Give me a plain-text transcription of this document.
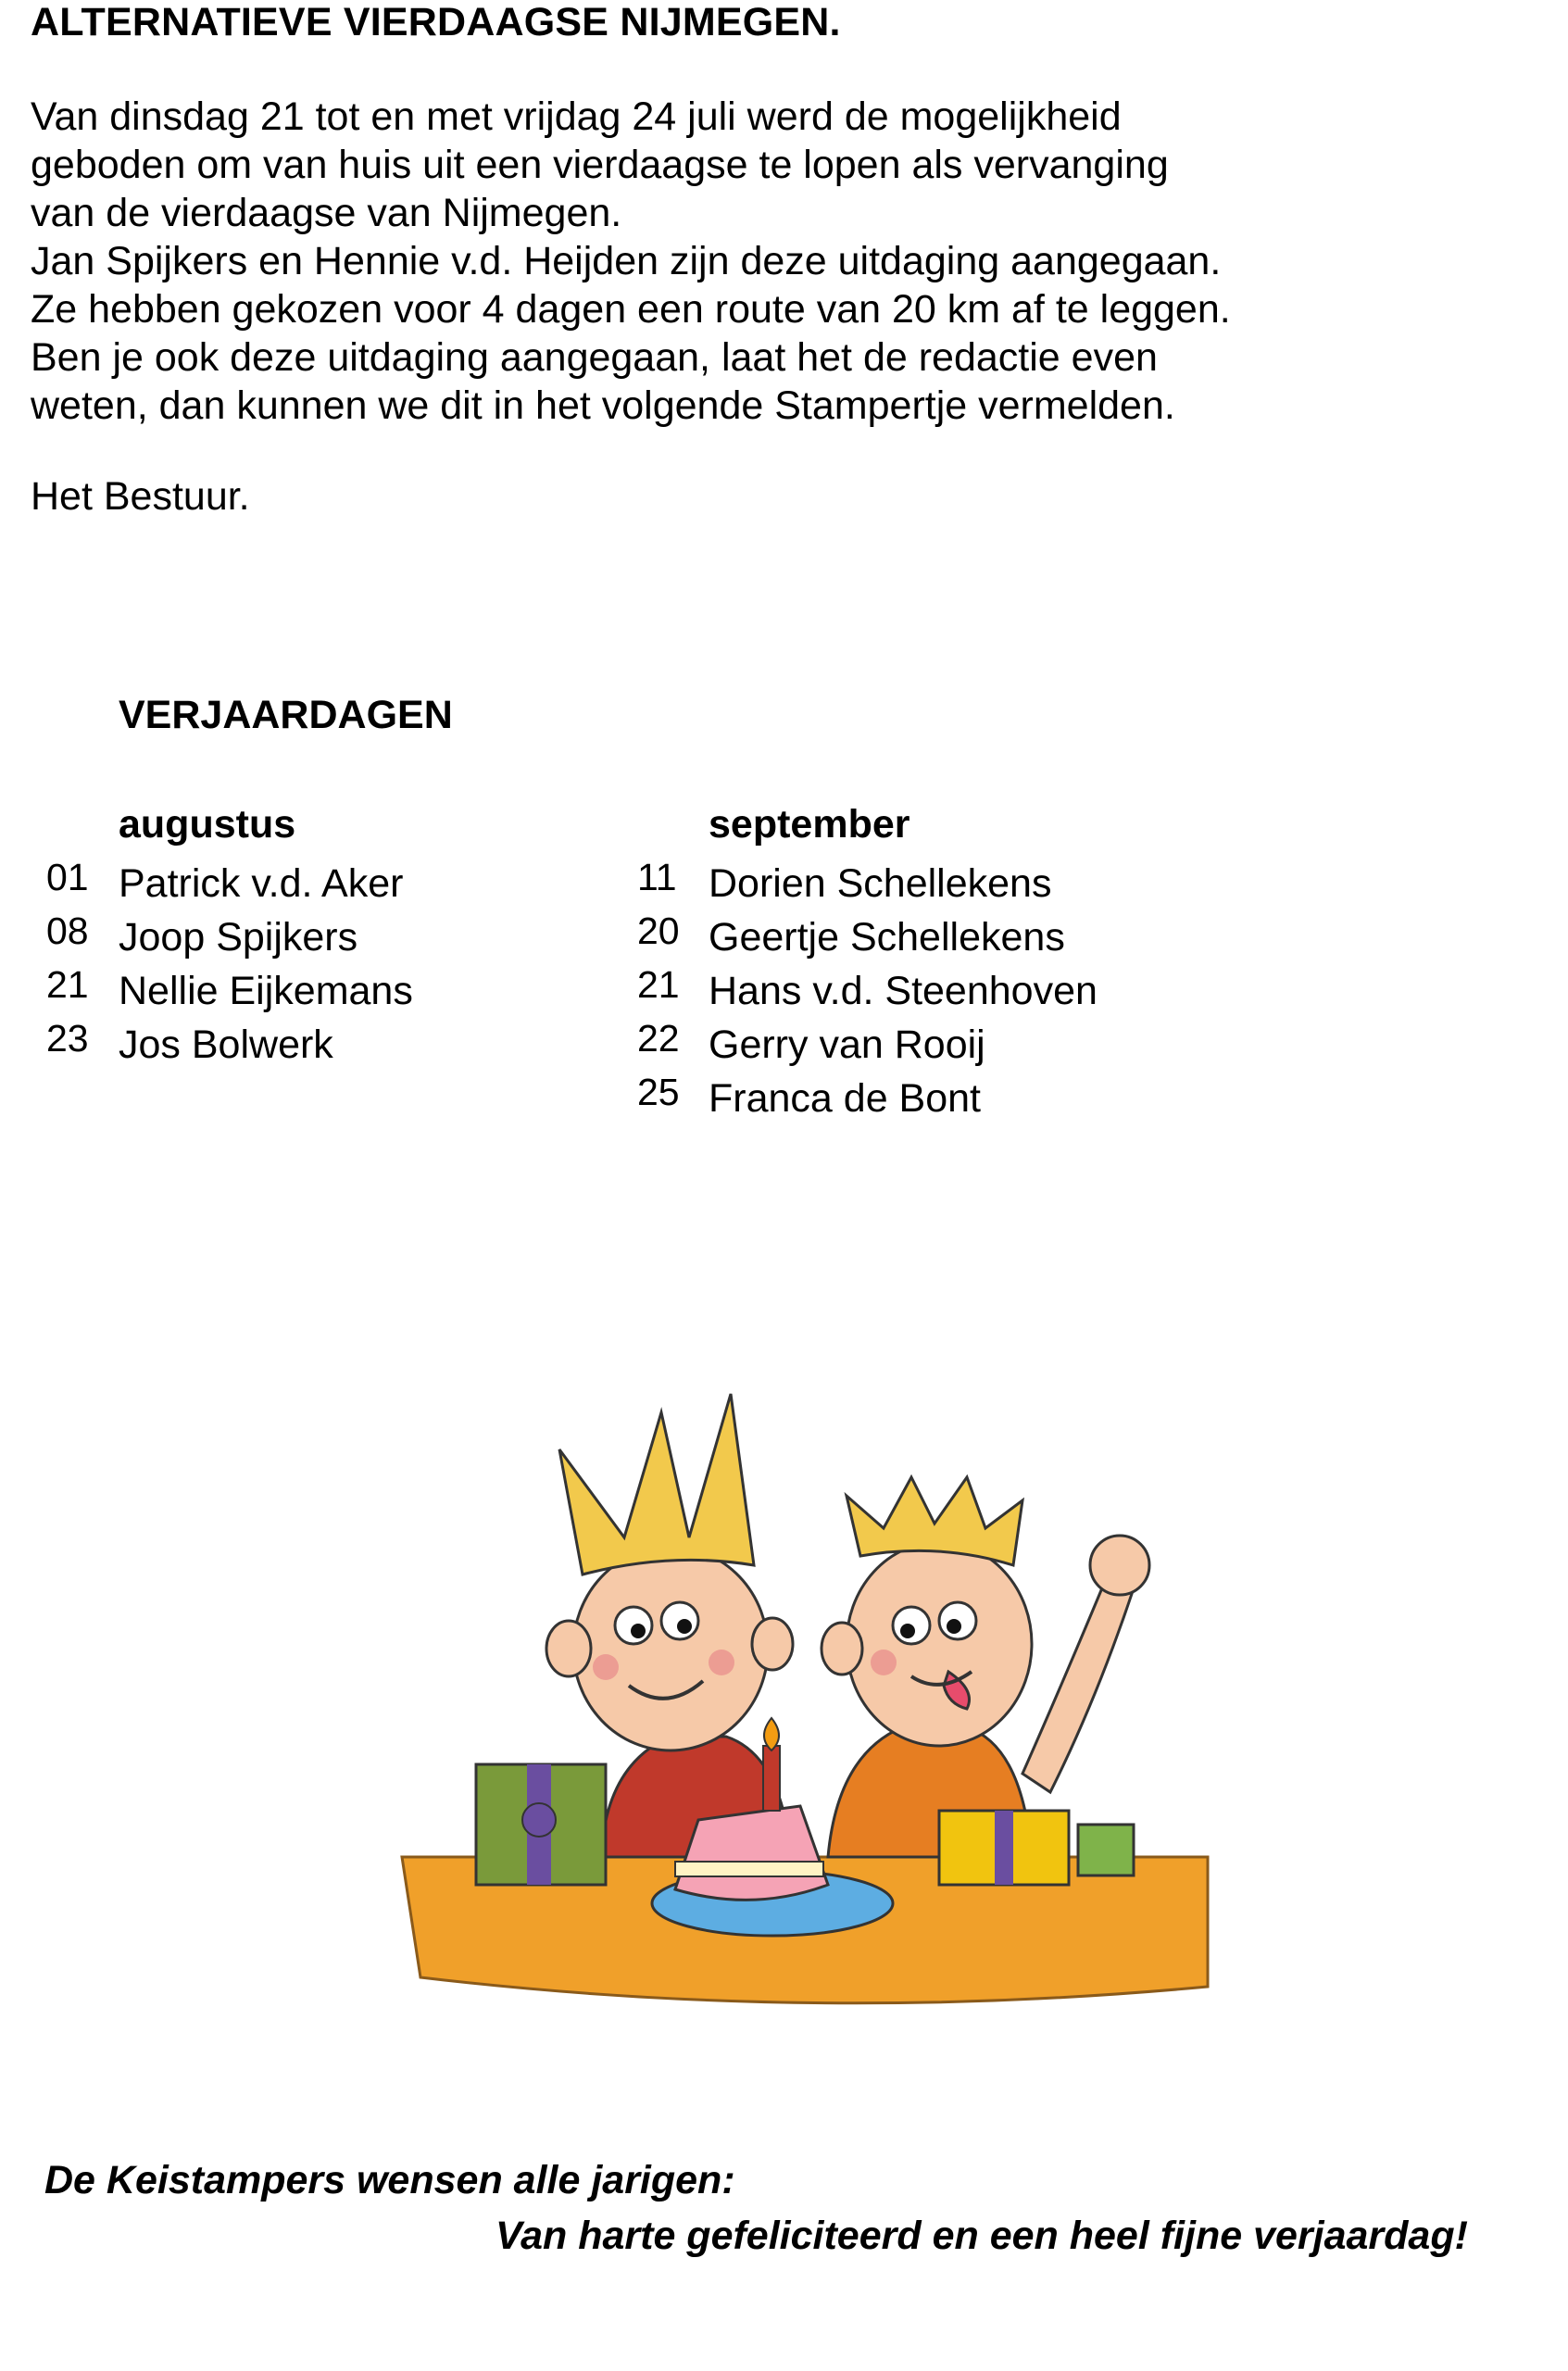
ALTERNATIEVE VIERDAAGSE NIJMEGEN.
Van dinsdag 21 tot en met vrijdag 24 juli werd de mogelijkheid
geboden om van huis uit een vierdaagse te lopen als vervanging
van de vierdaagse van Nijmegen.
Jan Spijkers en Hennie v.d. Heijden zijn deze uitdaging aangegaan.
Ze hebben gekozen voor 4 dagen een route van 20 km af te leggen.
Ben je ook deze uitdaging aangegaan, laat het de redactie even
weten, dan kunnen we dit in het volgende Stampertje vermelden.
Het Bestuur.
VERJAARDAGEN
augustus
01 Patrick v.d. Aker
08 Joop Spijkers
21 Nellie Eijkemans
23 Jos Bolwerk
september
11 Dorien Schellekens
20 Geertje Schellekens
21 Hans v.d. Steenhoven
22 Gerry van Rooij
25 Franca de Bont
De Keistampers wensen alle jarigen:
Van harte gefeliciteerd en een heel fijne verjaardag!
